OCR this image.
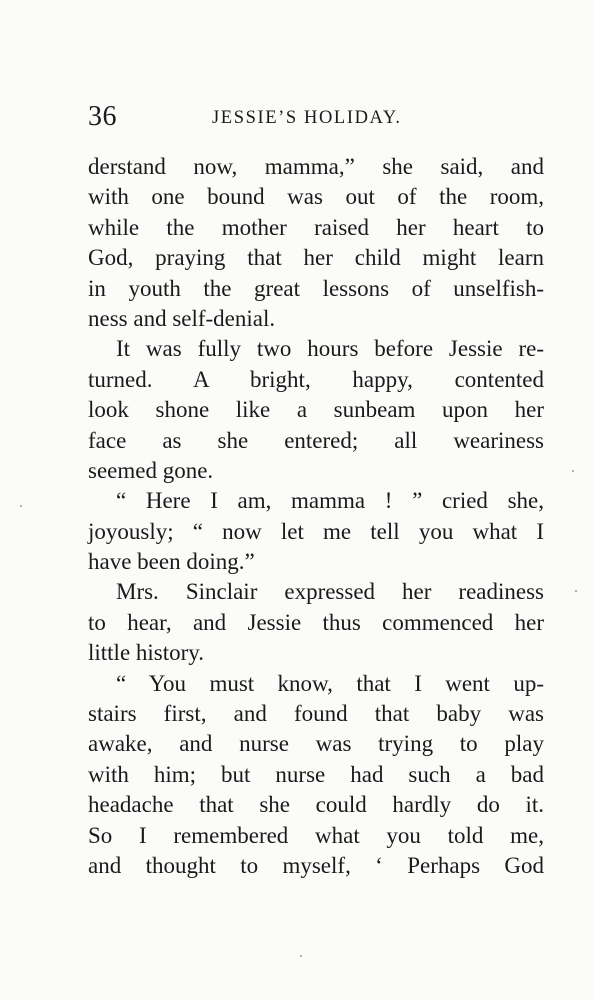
36	JESSIE’S HOLIDAY.
derstand now, mamma,” she said, and
with one bound was out of the room,
while the mother raised her heart to
God, praying that her child might learn
in youth the great lessons of unselfish-
ness and self-denial.
It was fully two hours before Jessie re-
turned. A bright, happy, contented
look shone like a sunbeam upon her
face as she entered; all weariness
seemed gone.
“ Here I am, mamma ! ” cried she,
joyously; “ now let me tell you what I
have been doing.”
Mrs. Sinclair expressed her readiness
to hear, and Jessie thus commenced her
little history.
“ You must know, that I went up-
stairs first, and found that baby was
awake, and nurse was trying to play
with him; but nurse had such a bad
headache that she could hardly do it.
So I remembered what you told me,
and thought to myself, ‘ Perhaps God
